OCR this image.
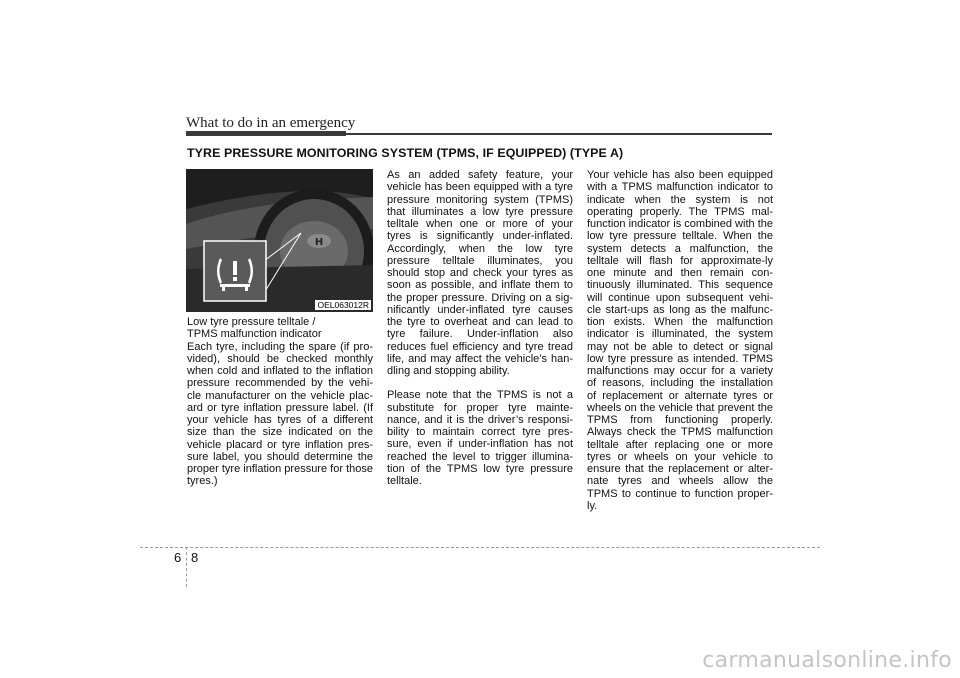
What to do in an emergency
TYRE PRESSURE MONITORING SYSTEM (TPMS, IF EQUIPPED) (TYPE A)
H
OEL063012R

Low tyre pressure telltale /
TPMS malfunction indicator

Each tyre, including the spare (if pro-vided), should be checked monthly when cold and inflated to the inflation pressure recommended by the vehi-cle manufacturer on the vehicle plac-ard or tyre inflation pressure label. (If your vehicle has tyres of a different size than the size indicated on the vehicle placard or tyre inflation pres-sure label, you should determine the proper tyre inflation pressure for those tyres.)

As an added safety feature, your vehicle has been equipped with a tyre pressure monitoring system (TPMS) that illuminates a low tyre pressure telltale when one or more of your tyres is significantly under-inflated. Accordingly, when the low tyre pressure telltale illuminates, you should stop and check your tyres as soon as possible, and inflate them to the proper pressure. Driving on a sig-nificantly under-inflated tyre causes the tyre to overheat and can lead to tyre failure. Under-inflation also reduces fuel efficiency and tyre tread life, and may affect the vehicle’s han-dling and stopping ability.

Please note that the TPMS is not a substitute for proper tyre mainte-nance, and it is the driver’s responsi-bility to maintain correct tyre pres-sure, even if under-inflation has not reached the level to trigger illumina-tion of the TPMS low tyre pressure telltale.

Your vehicle has also been equipped with a TPMS malfunction indicator to indicate when the system is not operating properly. The TPMS mal-function indicator is combined with the low tyre pressure telltale. When the system detects a malfunction, the telltale will flash for approximate-ly one minute and then remain con-tinuously illuminated. This sequence will continue upon subsequent vehi-cle start-ups as long as the malfunc-tion exists. When the malfunction indicator is illuminated, the system may not be able to detect or signal low tyre pressure as intended. TPMS malfunctions may occur for a variety of reasons, including the installation of replacement or alternate tyres or wheels on the vehicle that prevent the TPMS from functioning properly. Always check the TPMS malfunction telltale after replacing one or more tyres or wheels on your vehicle to ensure that the replacement or alter-nate tyres and wheels allow the TPMS to continue to function proper-ly.

6 8
carmanualsonline.info
